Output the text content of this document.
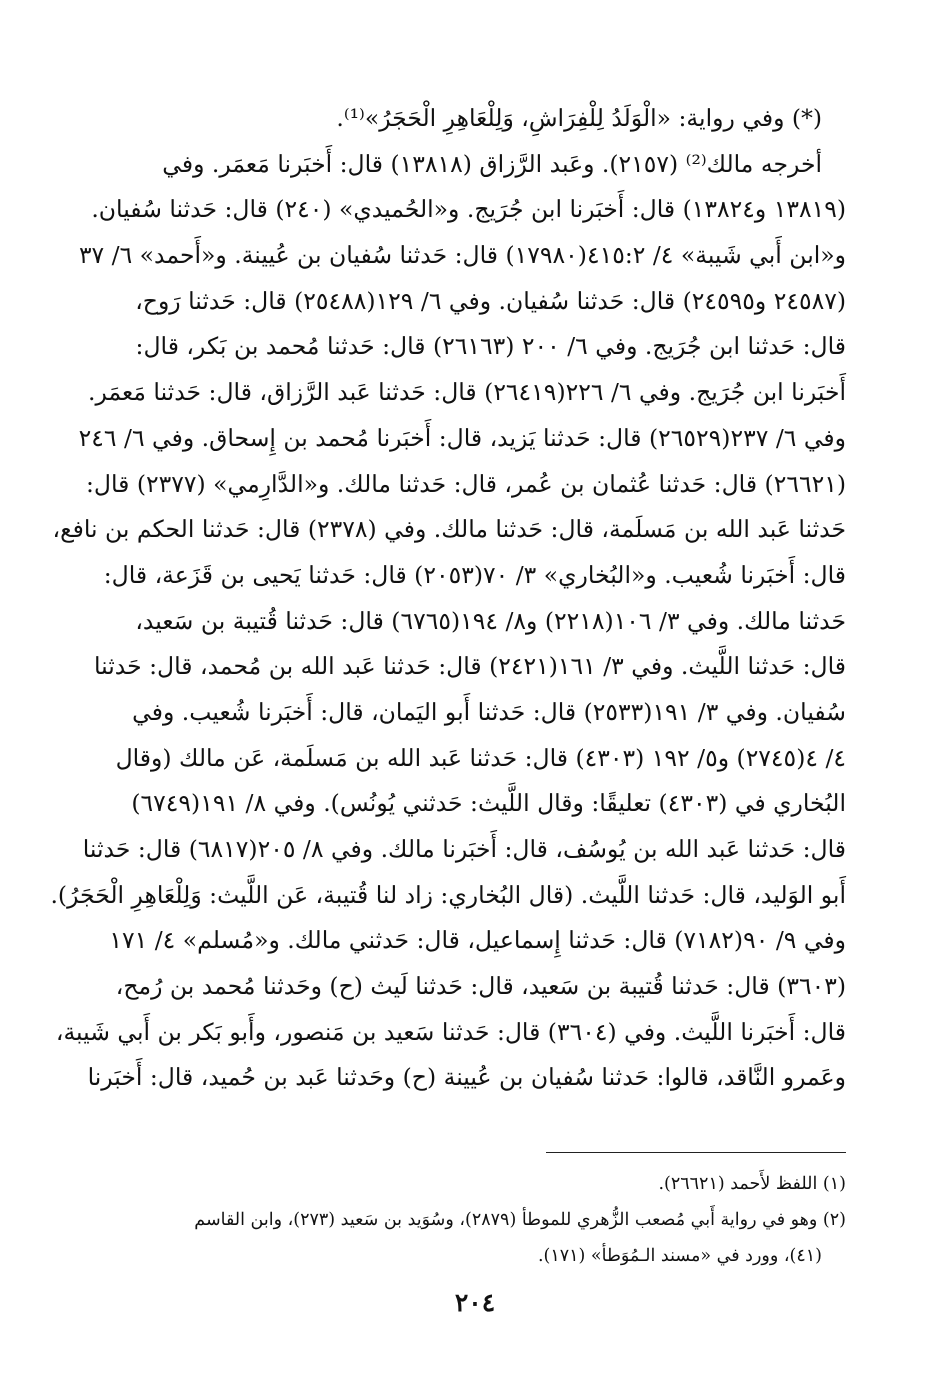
(*) وفي رواية: «الْوَلَدُ لِلْفِرَاشِ، وَلِلْعَاهِرِ الْحَجَرُ»⁽¹⁾.
أخرجه مالك⁽²⁾ (٢١٥٧). وعَبد الرَّزاق (١٣٨١٨) قال: أَخبَرنا مَعمَر. وفي
(١٣٨١٩ و١٣٨٢٤) قال: أَخبَرنا ابن جُرَيج. و«الحُميدي» (٢٤٠) قال: حَدثنا سُفيان.
و«ابن أَبي شَيبة» ٤/ ٤١٥:٢(١٧٩٨٠) قال: حَدثنا سُفيان بن عُيينة. و«أَحمد» ٦/ ٣٧
(٢٤٥٨٧ و٢٤٥٩٥) قال: حَدثنا سُفيان. وفي ٦/ ١٢٩(٢٥٤٨٨) قال: حَدثنا رَوح،
قال: حَدثنا ابن جُرَيج. وفي ٦/ ٢٠٠ (٢٦١٦٣) قال: حَدثنا مُحمد بن بَكر، قال:
أَخبَرنا ابن جُرَيج. وفي ٦/ ٢٢٦(٢٦٤١٩) قال: حَدثنا عَبد الرَّزاق، قال: حَدثنا مَعمَر.
وفي ٦/ ٢٣٧(٢٦٥٢٩) قال: حَدثنا يَزيد، قال: أَخبَرنا مُحمد بن إِسحاق. وفي ٦/ ٢٤٦
(٢٦٦٢١) قال: حَدثنا عُثمان بن عُمر، قال: حَدثنا مالك. و«الدَّارِمي» (٢٣٧٧) قال:
حَدثنا عَبد الله بن مَسلَمة، قال: حَدثنا مالك. وفي (٢٣٧٨) قال: حَدثنا الحكم بن نافع،
قال: أَخبَرنا شُعيب. و«البُخاري» ٣/ ٧٠(٢٠٥٣) قال: حَدثنا يَحيى بن قَزَعة، قال:
حَدثنا مالك. وفي ٣/ ١٠٦(٢٢١٨) و٨/ ١٩٤(٦٧٦٥) قال: حَدثنا قُتيبة بن سَعيد،
قال: حَدثنا اللَّيث. وفي ٣/ ١٦١(٢٤٢١) قال: حَدثنا عَبد الله بن مُحمد، قال: حَدثنا
سُفيان. وفي ٣/ ١٩١(٢٥٣٣) قال: حَدثنا أَبو اليَمان، قال: أَخبَرنا شُعيب. وفي
٤/ ٤(٢٧٤٥) و٥/ ١٩٢ (٤٣٠٣) قال: حَدثنا عَبد الله بن مَسلَمة، عَن مالك (وقال
البُخاري في (٤٣٠٣) تعليقًا: وقال اللَّيث: حَدثني يُونُس). وفي ٨/ ١٩١(٦٧٤٩)
قال: حَدثنا عَبد الله بن يُوسُف، قال: أَخبَرنا مالك. وفي ٨/ ٢٠٥(٦٨١٧) قال: حَدثنا
أَبو الوَليد، قال: حَدثنا اللَّيث. (قال البُخاري: زاد لنا قُتيبة، عَن اللَّيث: وَلِلْعَاهِرِ الْحَجَرُ).
وفي ٩/ ٩٠(٧١٨٢) قال: حَدثنا إِسماعيل، قال: حَدثني مالك. و«مُسلم» ٤/ ١٧١
(٣٦٠٣) قال: حَدثنا قُتيبة بن سَعيد، قال: حَدثنا لَيث (ح) وحَدثنا مُحمد بن رُمح،
قال: أَخبَرنا اللَّيث. وفي (٣٦٠٤) قال: حَدثنا سَعيد بن مَنصور، وأَبو بَكر بن أَبي شَيبة،
وعَمرو النَّاقد، قالوا: حَدثنا سُفيان بن عُيينة (ح) وحَدثنا عَبد بن حُميد، قال: أَخبَرنا
(١) اللفظ لأَحمد (٢٦٦٢١).
(٢) وهو في رواية أَبي مُصعب الزُّهري للموطأ (٢٨٧٩)، وسُوَيد بن سَعيد (٢٧٣)، وابن القاسم
(٤١)، وورد في «مسند الـمُوَطأ» (١٧١).
٢٠٤
